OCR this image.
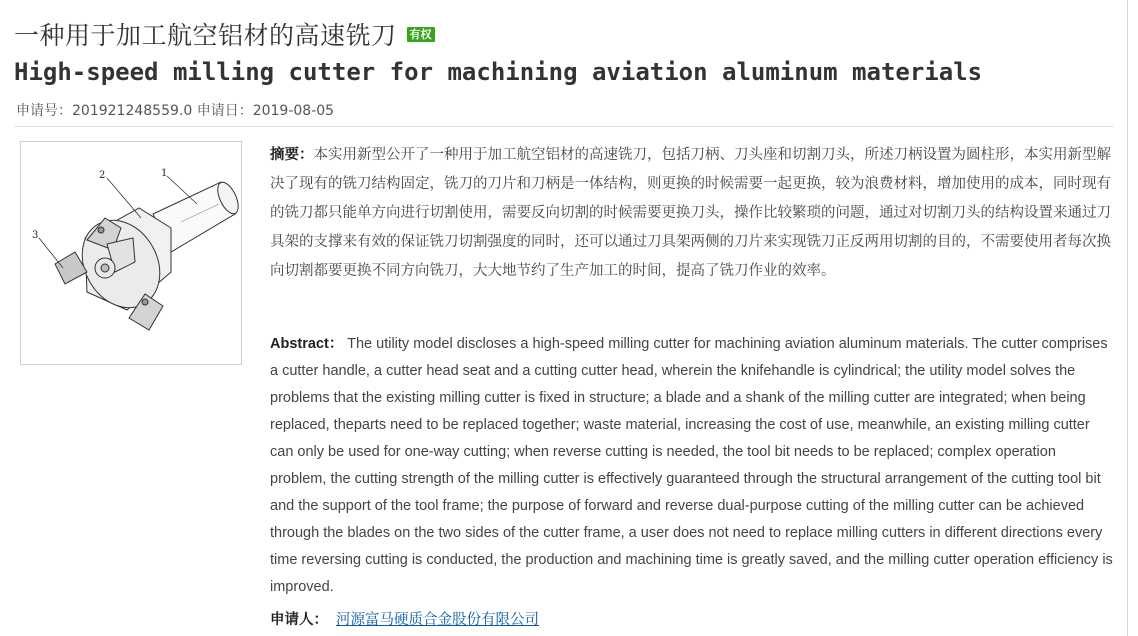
一种用于加工航空铝材的高速铣刀 有权
High-speed milling cutter for machining aviation aluminum materials
申请号：201921248559.0 申请日：2019-08-05
1
2
3
摘要：本实用新型公开了一种用于加工航空铝材的高速铣刀，包括刀柄、刀头座和切割刀头，所述刀柄设置为圆柱形，本实用新型解决了现有的铣刀结构固定，铣刀的刀片和刀柄是一体结构，则更换的时候需要一起更换，较为浪费材料，增加使用的成本，同时现有的铣刀都只能单方向进行切割使用，需要反向切割的时候需要更换刀头，操作比较繁琐的问题，通过对切割刀头的结构设置来通过刀具架的支撑来有效的保证铣刀切割强度的同时，还可以通过刀具架两侧的刀片来实现铣刀正反两用切割的目的，不需要使用者每次换向切割都要更换不同方向铣刀，大大地节约了生产加工的时间，提高了铣刀作业的效率。
Abstract： The utility model discloses a high-speed milling cutter for machining aviation aluminum materials. The cutter comprises a cutter handle, a cutter head seat and a cutting cutter head, wherein the knifehandle is cylindrical; the utility model solves the problems that the existing milling cutter is fixed in structure; a blade and a shank of the milling cutter are integrated; when being replaced, theparts need to be replaced together; waste material, increasing the cost of use, meanwhile, an existing milling cutter can only be used for one-way cutting; when reverse cutting is needed, the tool bit needs to be replaced; complex operation problem, the cutting strength of the milling cutter is effectively guaranteed through the structural arrangement of the cutting tool bit and the support of the tool frame; the purpose of forward and reverse dual-purpose cutting of the milling cutter can be achieved through the blades on the two sides of the cutter frame, a user does not need to replace milling cutters in different directions every time reversing cutting is conducted, the production and machining time is greatly saved, and the milling cutter operation efficiency is improved.
申请人： 河源富马硬质合金股份有限公司
